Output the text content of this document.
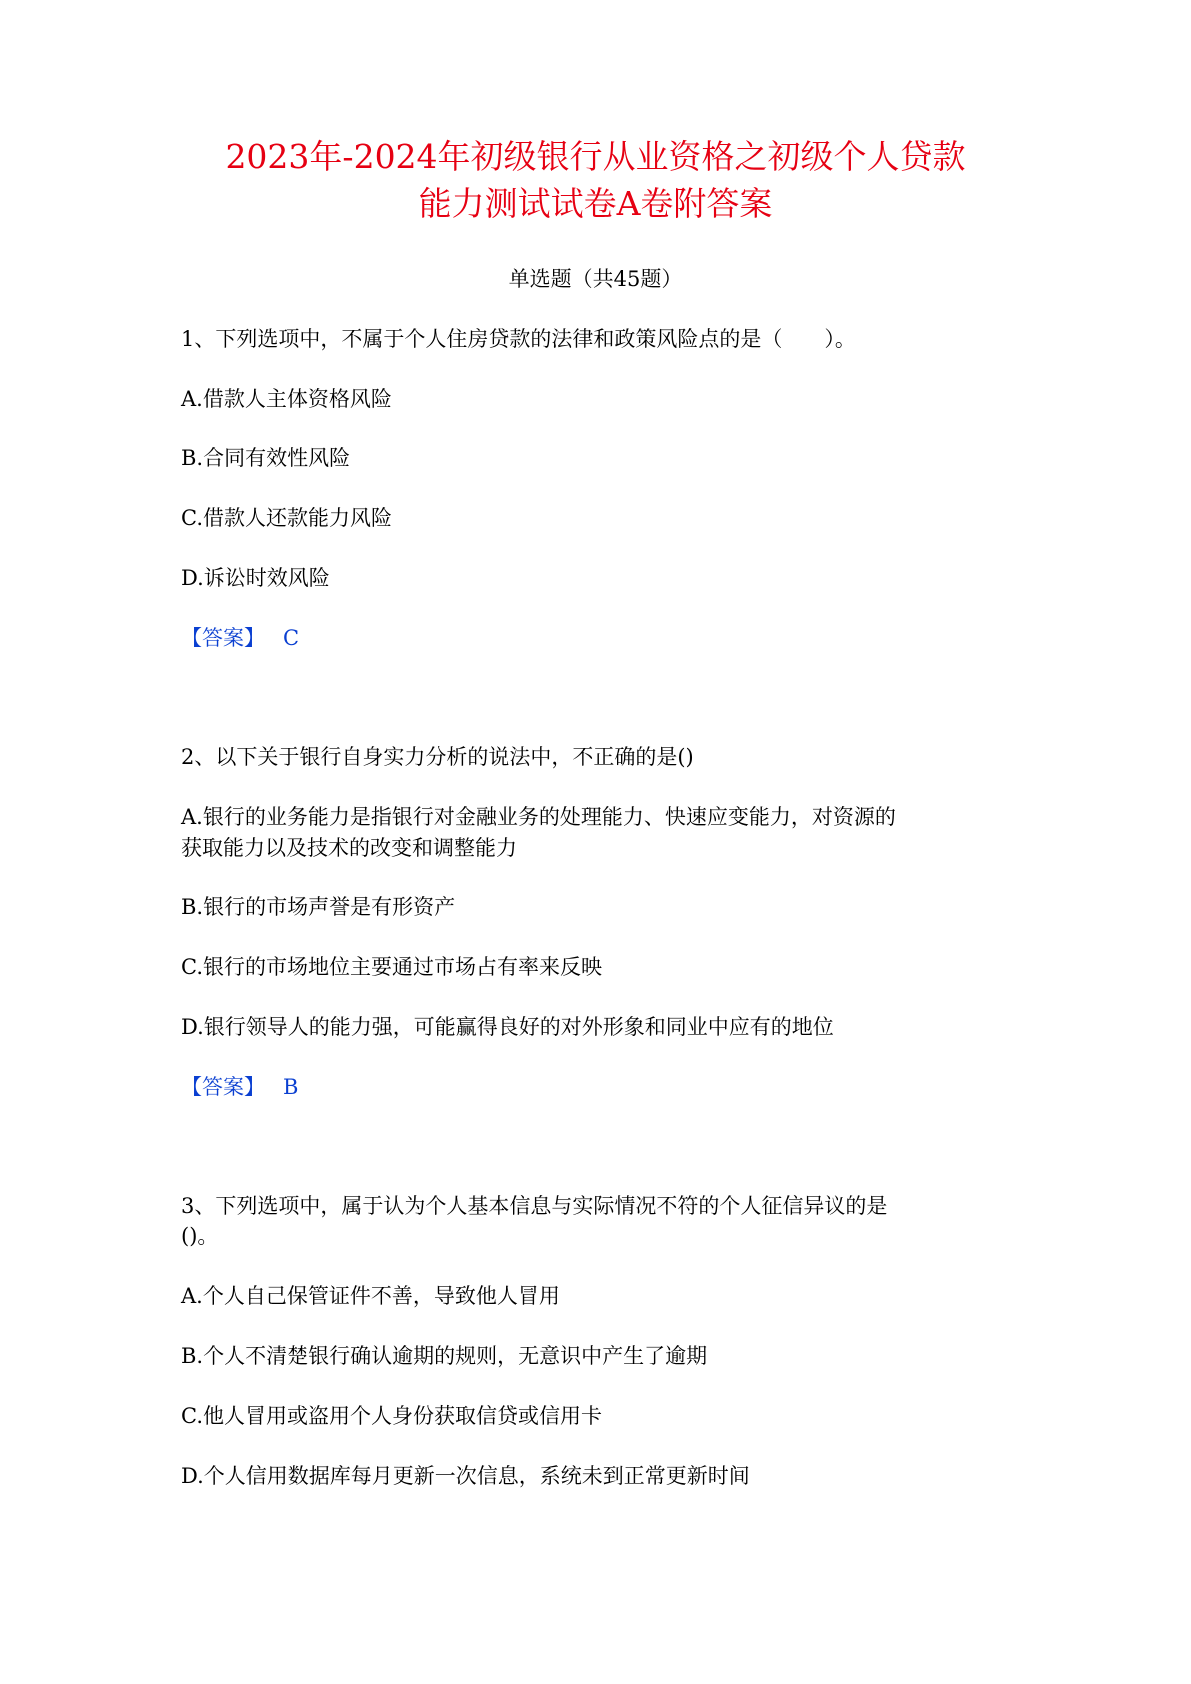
2023年-2024年初级银行从业资格之初级个人贷款
能力测试试卷A卷附答案
单选题（共45题）
1、下列选项中，不属于个人住房贷款的法律和政策风险点的是（　　）。
A.借款人主体资格风险
B.合同有效性风险
C.借款人还款能力风险
D.诉讼时效风险
【答案】 C
2、以下关于银行自身实力分析的说法中，不正确的是()
A.银行的业务能力是指银行对金融业务的处理能力、快速应变能力，对资源的
获取能力以及技术的改变和调整能力
B.银行的市场声誉是有形资产
C.银行的市场地位主要通过市场占有率来反映
D.银行领导人的能力强，可能赢得良好的对外形象和同业中应有的地位
【答案】 B
3、下列选项中，属于认为个人基本信息与实际情况不符的个人征信异议的是
()。
A.个人自己保管证件不善，导致他人冒用
B.个人不清楚银行确认逾期的规则，无意识中产生了逾期
C.他人冒用或盗用个人身份获取信贷或信用卡
D.个人信用数据库每月更新一次信息，系统未到正常更新时间
